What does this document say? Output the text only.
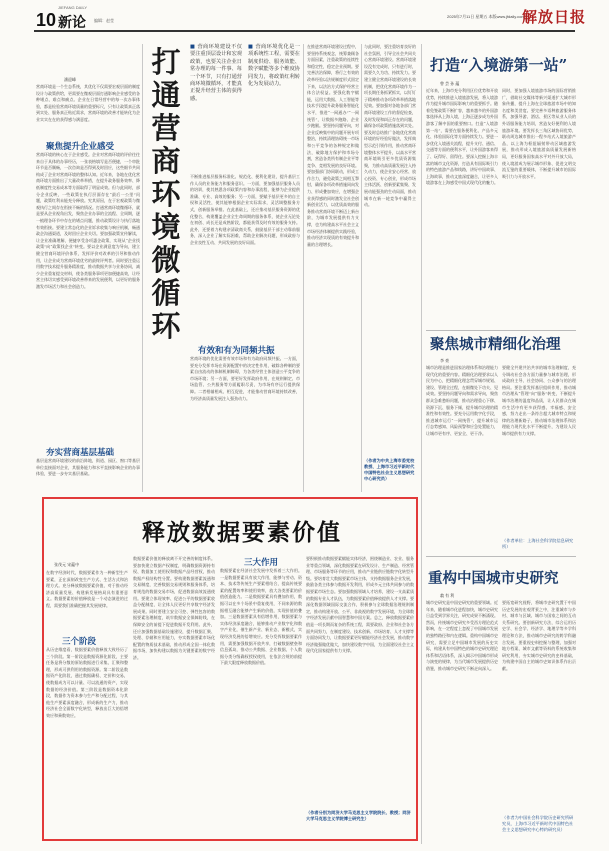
JIEFANG DAILY
10 新论 编辑：赵莹
2025年7月11日 星期五 本版www.jfdaily.com
解放日报
潘迎峰
营商环境是一个生态系统，其优化不仅需要宏观层面的制度设计与政策供给，更需要在微观层面打通影响企业感受的各种堵点、难点和痛点。企业在日常经营中的每一次办事体验，都是检验营商环境质量的重要标尺，只有让政策真正落到实处、服务真正贴近需求，营商环境的改善才能转化为企业实实在在的获得感与满意度。
聚焦提升企业感受
营商环境的核心在于企业感受。企业对营商环境的评价往往来自于具体的办事经历，一张表格填写是否便捷，一个审批环节是否顺畅，一次咨询是否得到及时回应，这些细节共同构成了企业对营商环境的整体认知。近年来，各地在优化营商环境方面推出了大量改革举措，在提升政务服务效率、降低制度性交易成本等方面取得了明显成效。但与此同时，部分企业反映，一些政策在执行层面存在“最后一公里”问题，政策红利未能充分释放。究其原因，在于宏观政策与微观执行之间存在衔接不畅的情况。打通营商环境微循环，就是要从企业视角出发，聚焦企业办事的全流程、全周期，逐一梳理各环节中存在的堵点问题，推动政策设计与执行落地有效衔接。要建立常态化的企业诉求收集与响应机制，畅通政企沟通渠道，及时回应企业关切。要加强政策宣传解读，让企业准确理解、便捷享受各项惠企政策，实现从“企业找政策”向“政策找企业”转变。要以企业满意度为导向，建立健全营商环境评价体系，发挥评价对改革的引导和推动作用，让企业成为营商环境优劣的最终评判者。同时要注重运用数字技术提升服务精准度，推动数据共享与业务协同，减少企业重复提交材料，使各类服务事项更加便捷高效，让经营主体切实感受到环境改善带来的发展便利，以更好的服务激发市场活力和社会创造力。
夯实营商基层基础
基层是营商环境建设的前沿阵地，街道、园区、窗口等基层单位直接面对企业，其服务能力和水平直接影响企业的办事体验，要进一步夯实基层基础。
打通营商环境微循环
■ 营商环境建设不仅要注重顶层设计和宏观政策，也要关注企业日常办理的每一件事、每一个环节，只有打通营商环境微循环，才能真正提升经营主体的获得感。
■ 营商环境优化是一项系统性工程，需要在制度供给、服务效能、数字赋能等多个维度协同发力，将政策红利转化为发展动力。
不断推进基层服务标准化、规范化、便利化建设，提升基层工作人员的业务能力和服务意识。一方面，要加强基层服务人员的培训，使其熟悉各项政策内容和办事流程，能够为企业提供准确、专业、高效的服务；另一方面，要赋予基层更多的自主权和灵活性，使其能够根据企业实际需求，灵活调整服务方式，创新服务举措。在此基础上，还应推动基层服务资源的优化整合，构建覆盖企业全生命周期的服务体系，使企业无论处在初创、成长还是成熟阶段，都能获得及时有效的服务支持。此外，还要着力构建亲清政商关系，鼓励基层干部主动靠前服务，深入企业了解实际困难，帮助企业解决问题，形成政府与企业良性互动、共同发展的良好局面。
有效和有为同频共振
营商环境的优化需要有效市场和有为政府同频共振。一方面，要充分发挥市场在资源配置中的决定性作用，破除各种制约要素自由流动的体制机制障碍，为各类经营主体创造公平竞争的市场环境；另一方面，要更好发挥政府作用，在规则制定、市场监管、公共服务等方面履职尽责，为市场有序运行提供保障。二者相辅相成、相互促进，才能推动营商环境持续改善，为经济高质量发展注入强劲动力。
在推进营商环境建设过程中，要坚持系统观念，统筹兼顾各方面因素，注重政策的连续性和稳定性，稳定企业预期。要完善法治保障，将行之有效的改革经验以法规制度形式固定下来，以法治方式保护经营主体合法权益。要强化数字赋能，运用大数据、人工智能等技术手段提升政务服务智能化水平，推进“一网通办”“一网统管”，让数据多跑路、企业少跑腿。要坚持问题导向，对企业反映集中的问题开展专项整治，持续清理妨碍统一市场和公平竞争的各种规定和做法，破除地方保护和市场分割，营造各类所有制企业平等竞争、竞相发展的良好环境。要加强部门协同联动，形成工作合力，避免政策之间相互掣肘，确保各项改革措施同向发力、形成叠加效应，在增强企业获得感的同时激发全社会创新创业活力，以优质高效的服务推动营商环境不断迈上新台阶，为城市发展提供有力支撑，也为构建高水平社会主义市场经济体制提供实践经验，推动经济实现质的有效提升和量的合理增长。
与此同时，要注重培育良好的社会氛围，引导全社会共同关心营商环境建设。营商环境建设没有完成时，只有进行时，需要久久为功、持续发力。要建立健全营商环境建设的长效机制，把优化营商环境作为一项长期任务抓紧抓实，以钉钉子精神推动各项改革举措落地见效。要加强对各地各部门营商环境建设工作的督促检查，及时发现和纠正存在的问题，确保各项政策措施落到实处。要及时总结推广各地优化营商环境的好经验好做法，发挥典型示范引领作用，推动营商环境整体水平提升，以高水平营商环境吸引更多优质资源集聚，为推动高质量发展注入持久动力，使企业安心经营、放心投资、专心创业，形成市场主体活跃、创新要素集聚、发展动能强劲的生动局面，推动城市在新一轮竞争中赢得主动。
（作者为中共上海市委党校教授、上海市习近平新时代中国特色社会主义思想研究中心研究员）
打造“入境游第一站”
曾 芸 孙 蕴
近年来，上海市充分利用区位优势和开放优势，持续推进入境旅游发展，将入境游作为提升城市国际影响力的重要抓手。随着免签政策不断扩容，越来越多的外国游客选择从上海入境，上海正逐步成为外国游客了解中国的重要窗口。打造“入境游第一站”，需要在服务便利化、产品多元化、体验国际化等方面持续发力。要进一步优化入境通关流程，提升支付、通信、交通等方面的便利水平，让外国游客来得了、玩得好、留得住。要深入挖掘上海丰富的城市文化资源，打造具有国际吸引力的特色旅游产品和线路，讲好中国故事、上海故事，推动文旅深度融合，让更多入境游客在上海感受中国式现代化的魅力。
同时，要加强入境旅游市场的国际营销推广，借助社交媒体等新兴渠道扩大城市形象传播，提升上海在全球旅游市场中的知名度和美誉度。要完善多语种旅游服务体系，加强导游、酒店、景区等从业人员的外语服务能力培训，营造友好便利的入境旅游环境。要发挥长三角区域协同优势，联动周边城市推出一程多站式入境旅游产品，以上海为枢纽辐射带动区域旅游发展，推动形成入境旅游高质量发展新格局，更好服务国家高水平对外开放大局，使入境游成为展示城市形象、促进文明交流互鉴的重要载体，不断提升城市的国际吸引力与开放水平。
聚焦城市精细化治理
李 豪
城市治理是推进国家治理体系和治理能力现代化的重要内容。精细化治理要求以人民为中心，把精细化理念贯穿城市规划、建设、管理全过程，在细微处下功夫、见成效。要坚持问题导向和需求导向，聚焦群众急难愁盼问题，推动治理重心下移、资源下沉、服务下倾，提升城市治理的精准性和有效性。要充分运用数字化手段，推进城市运行“一网统管”，提升城市运行态势感知、风险预警和应急处置能力，让城市更有序、更安全、更干净。
要健全共建共治共享的城市治理制度，充分调动社会各方面力量参与城市治理，形成政府主导、社会协同、公众参与的治理格局。要注重发挥基层组织作用，推动城市治理从“管理”向“服务”转变，不断提升城市治理的温度和品质，让人民群众在城市生活中有更多获得感、幸福感、安全感，努力走出一条符合超大城市特点和规律的治理新路子，推动城市治理体系和治理能力现代化水平不断提升，为建设人民城市提供有力支撑。
（作者单位：上海社会科学院信息研究所）
重构中国城市史研究
翁 有 利
城市史研究是中国史研究的重要领域。近年来，随着城市化进程加快，城市史研究日益受到学界关注，研究成果不断涌现。然而，传统城市史研究多受西方理论范式影响，在一定程度上忽视了中国城市发展的独特路径和内在逻辑。重构中国城市史研究，需要立足中国城市发展的历史实际，构建具有中国特色的城市史研究理论体系和话语体系，深入揭示中国城市形成与演变的规律，为当代城市发展提供历史借鉴，推动城市史研究不断走向深入。
要拓宽研究视野，将城市史研究置于中国历史发展的宏观背景之中，注重城市与乡村、城市与区域、城市与国家之间的互动关系研究。要创新研究方法，综合运用历史学、社会学、经济学、地理学等多学科理论和方法，推动城市史研究的跨学科融合发展。要重视史料挖掘与整理，加强对地方档案、城市文献等资料的系统收集和研究利用，夯实城市史研究的史料基础，为构建中国自主的城市史知识体系作出贡献。
（作者为中国社会科学院历史研究所研究员，上海市习近平新时代中国特色社会主义思想研究中心特约研究员）
释放数据要素价值
张茂元 宋蕴中
在数字经济时代，数据要素作为一种新型生产要素，正在深刻改变生产方式、生活方式和治理方式。充分释放数据要素价值，对于推动经济高质量发展、构建新发展格局具有重要意义。数据要素的价值释放是一个动态演进的过程，需要我们准确把握其发展规律。
三个阶段
从历史维度看，数据要素价值释放大致经历了三个阶段。第一阶段是数据资源化阶段，主要任务是将分散的原始数据进行采集、汇聚和整理，形成可供利用的数据资源。第二阶段是数据资产化阶段，通过数据确权、定价和交易，使数据成为可以计量、可以流通的资产，实现数据的经济价值。第三阶段是数据资本化阶段，数据作为资本参与生产和分配过程，与其他生产要素深度融合，形成新的生产力，推动经济社会全面数字化转型，释放出巨大的倍增效应和乘数效应。
数据要素价值的释放离不开完善的制度体系。要加快建立数据产权制度，明确数据资源持有权、数据加工使用权和数据产品经营权，推动数据产权结构性分置。要构建数据要素流通和交易制度，完善数据交易规则和服务体系，培育规范的数据交易市场，促进数据高效流通使用。要建立体现效率、促进公平的数据要素收益分配制度，让全体人民更好共享数字经济发展成果。同时要建立安全可控、弹性包容的数据要素治理制度，筑牢数据安全保障防线，在保障安全的前提下促进数据开发利用。此外，还应加强数据基础设施建设，提升数据汇聚、处理、存储和应用能力，夯实数据要素市场化配置的物质技术基础，推动形成全国一体化数据市场，加快构建以数据为关键要素的数字经济。
三大作用
数据要素在经济社会发展中发挥着三大作用。一是数据要素具有放大作用，能够与劳动、资本、技术等传统生产要素相结合，提高传统要素的配置效率和使用效率，放大各类要素的价值创造能力。二是数据要素具有叠加作用，数据可以在多个场景中重复使用，不同来源的数据相互融合能够产生新的价值，实现价值的叠加。三是数据要素具有倍增作用，数据要素与实体经济深度融合，能够推动产业数字化和数字产业化，催生新产业、新业态、新模式，实现经济发展的倍增效应。充分发挥数据要素作用，需要加强数据开放共享，打破数据壁垒和信息孤岛，推动公共数据、企业数据、个人数据分类分级确权授权使用，在依法合规的前提下最大限度释放数据价值。
要积极推动数据要素赋能实体经济，围绕制造业、农业、服务业等重点领域，深化数据要素在研发设计、生产制造、经营管理、市场服务等环节的应用，推动产业链供应链数字化转型升级。要培育壮大数据要素市场主体，支持数据服务企业发展，鼓励各类主体参与数据开发利用，形成多元主体共同参与的数据要素市场生态。要加强数据领域人才培养，建设一支高素质的数据专业人才队伍，为数据要素价值释放提供人才支撑。要深化数据领域国际交流合作，积极参与全球数据治理规则制定，推动构建开放、公平、非歧视的数字发展环境，为全球数字经济发展贡献中国智慧和中国方案。总之，释放数据要素价值是一项长期而复杂的系统工程，需要政府、企业和社会各方面共同努力，在制度建设、技术创新、市场培育、人才支撑等方面协同发力，让数据要素更好赋能经济社会发展，推动数字经济做强做优做大，加快建设数字中国，为全面建设社会主义现代化国家提供有力支撑。
（作者分别为同济大学马克思主义学院院长、教授；同济大学马克思主义学院博士研究生）
